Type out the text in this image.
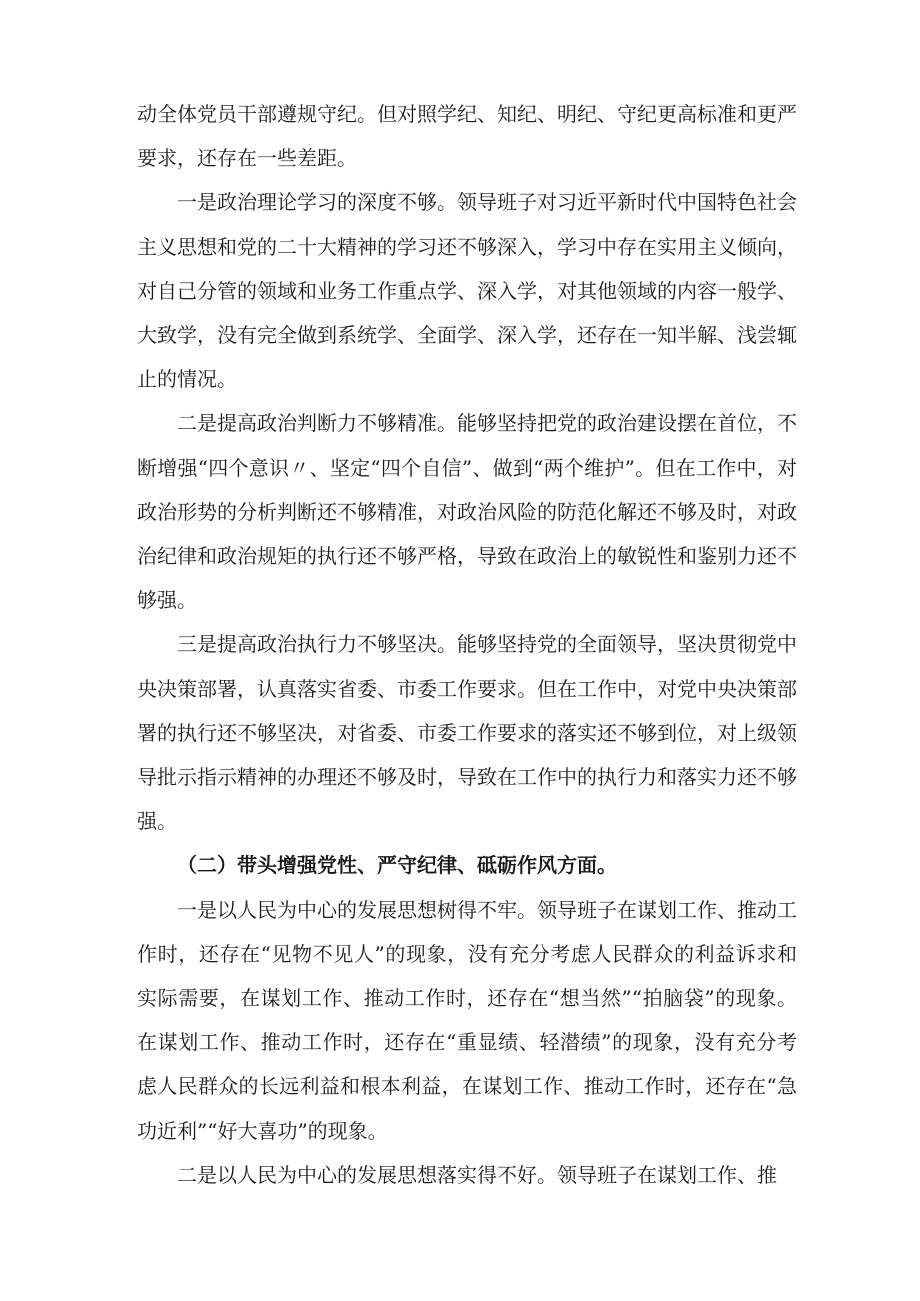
动全体党员干部遵规守纪。但对照学纪、知纪、明纪、守纪更高标准和更严要求，还存在一些差距。

一是政治理论学习的深度不够。领导班子对习近平新时代中国特色社会主义思想和党的二十大精神的学习还不够深入，学习中存在实用主义倾向，对自己分管的领域和业务工作重点学、深入学，对其他领域的内容一般学、大致学，没有完全做到系统学、全面学、深入学，还存在一知半解、浅尝辄止的情况。

二是提高政治判断力不够精准。能够坚持把党的政治建设摆在首位，不断增强“四个意识〃、坚定“四个自信”、做到“两个维护”。但在工作中，对政治形势的分析判断还不够精准，对政治风险的防范化解还不够及时，对政治纪律和政治规矩的执行还不够严格，导致在政治上的敏锐性和鉴别力还不够强。

三是提高政治执行力不够坚决。能够坚持党的全面领导，坚决贯彻党中央决策部署，认真落实省委、市委工作要求。但在工作中，对党中央决策部署的执行还不够坚决，对省委、市委工作要求的落实还不够到位，对上级领导批示指示精神的办理还不够及时，导致在工作中的执行力和落实力还不够强。

（二）带头增强党性、严守纪律、砥砺作风方面。

一是以人民为中心的发展思想树得不牢。领导班子在谋划工作、推动工作时，还存在“见物不见人”的现象，没有充分考虑人民群众的利益诉求和实际需要，在谋划工作、推动工作时，还存在“想当然”“拍脑袋”的现象。在谋划工作、推动工作时，还存在“重显绩、轻潜绩”的现象，没有充分考虑人民群众的长远利益和根本利益，在谋划工作、推动工作时，还存在“急功近利”“好大喜功”的现象。

二是以人民为中心的发展思想落实得不好。领导班子在谋划工作、推
